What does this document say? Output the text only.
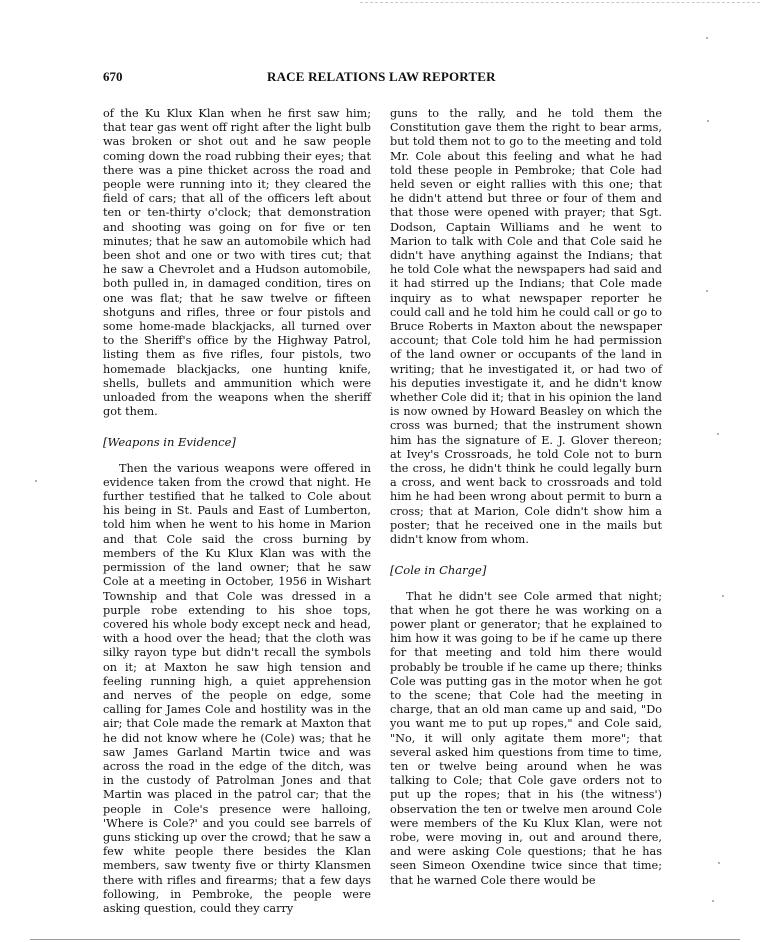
670	RACE RELATIONS LAW REPORTER

of the Ku Klux Klan when he first saw him; that tear gas went off right after the light bulb was broken or shot out and he saw people coming down the road rubbing their eyes; that there was a pine thicket across the road and people were running into it; they cleared the field of cars; that all of the officers left about ten or ten-thirty o'clock; that demonstration and shooting was going on for five or ten minutes; that he saw an automobile which had been shot and one or two with tires cut; that he saw a Chevrolet and a Hudson automobile, both pulled in, in damaged condition, tires on one was flat; that he saw twelve or fifteen shotguns and rifles, three or four pistols and some home-made blackjacks, all turned over to the Sheriff's office by the Highway Patrol, listing them as five rifles, four pistols, two homemade blackjacks, one hunting knife, shells, bullets and ammunition which were unloaded from the weapons when the sheriff got them.

[Weapons in Evidence]

Then the various weapons were offered in evidence taken from the crowd that night. He further testified that he talked to Cole about his being in St. Pauls and East of Lumberton, told him when he went to his home in Marion and that Cole said the cross burning by members of the Ku Klux Klan was with the permission of the land owner; that he saw Cole at a meeting in October, 1956 in Wishart Township and that Cole was dressed in a purple robe extending to his shoe tops, covered his whole body except neck and head, with a hood over the head; that the cloth was silky rayon type but didn't recall the symbols on it; at Maxton he saw high tension and feeling running high, a quiet apprehension and nerves of the people on edge, some calling for James Cole and hostility was in the air; that Cole made the remark at Maxton that he did not know where he (Cole) was; that he saw James Garland Martin twice and was across the road in the edge of the ditch, was in the custody of Patrolman Jones and that Martin was placed in the patrol car; that the people in Cole's presence were halloing, 'Where is Cole?' and you could see barrels of guns sticking up over the crowd; that he saw a few white people there besides the Klan members, saw twenty five or thirty Klansmen there with rifles and firearms; that a few days following, in Pembroke, the people were asking question, could they carry

guns to the rally, and he told them the Constitution gave them the right to bear arms, but told them not to go to the meeting and told Mr. Cole about this feeling and what he had told these people in Pembroke; that Cole had held seven or eight rallies with this one; that he didn't attend but three or four of them and that those were opened with prayer; that Sgt. Dodson, Captain Williams and he went to Marion to talk with Cole and that Cole said he didn't have anything against the Indians; that he told Cole what the newspapers had said and it had stirred up the Indians; that Cole made inquiry as to what newspaper reporter he could call and he told him he could call or go to Bruce Roberts in Maxton about the newspaper account; that Cole told him he had permission of the land owner or occupants of the land in writing; that he investigated it, or had two of his deputies investigate it, and he didn't know whether Cole did it; that in his opinion the land is now owned by Howard Beasley on which the cross was burned; that the instrument shown him has the signature of E. J. Glover thereon; at Ivey's Crossroads, he told Cole not to burn the cross, he didn't think he could legally burn a cross, and went back to crossroads and told him he had been wrong about permit to burn a cross; that at Marion, Cole didn't show him a poster; that he received one in the mails but didn't know from whom.

[Cole in Charge]

That he didn't see Cole armed that night; that when he got there he was working on a power plant or generator; that he explained to him how it was going to be if he came up there for that meeting and told him there would probably be trouble if he came up there; thinks Cole was putting gas in the motor when he got to the scene; that Cole had the meeting in charge, that an old man came up and said, "Do you want me to put up ropes," and Cole said, "No, it will only agitate them more"; that several asked him questions from time to time, ten or twelve being around when he was talking to Cole; that Cole gave orders not to put up the ropes; that in his (the witness') observation the ten or twelve men around Cole were members of the Ku Klux Klan, were not robe, were moving in, out and around there, and were asking Cole questions; that he has seen Simeon Oxendine twice since that time; that he warned Cole there would be
